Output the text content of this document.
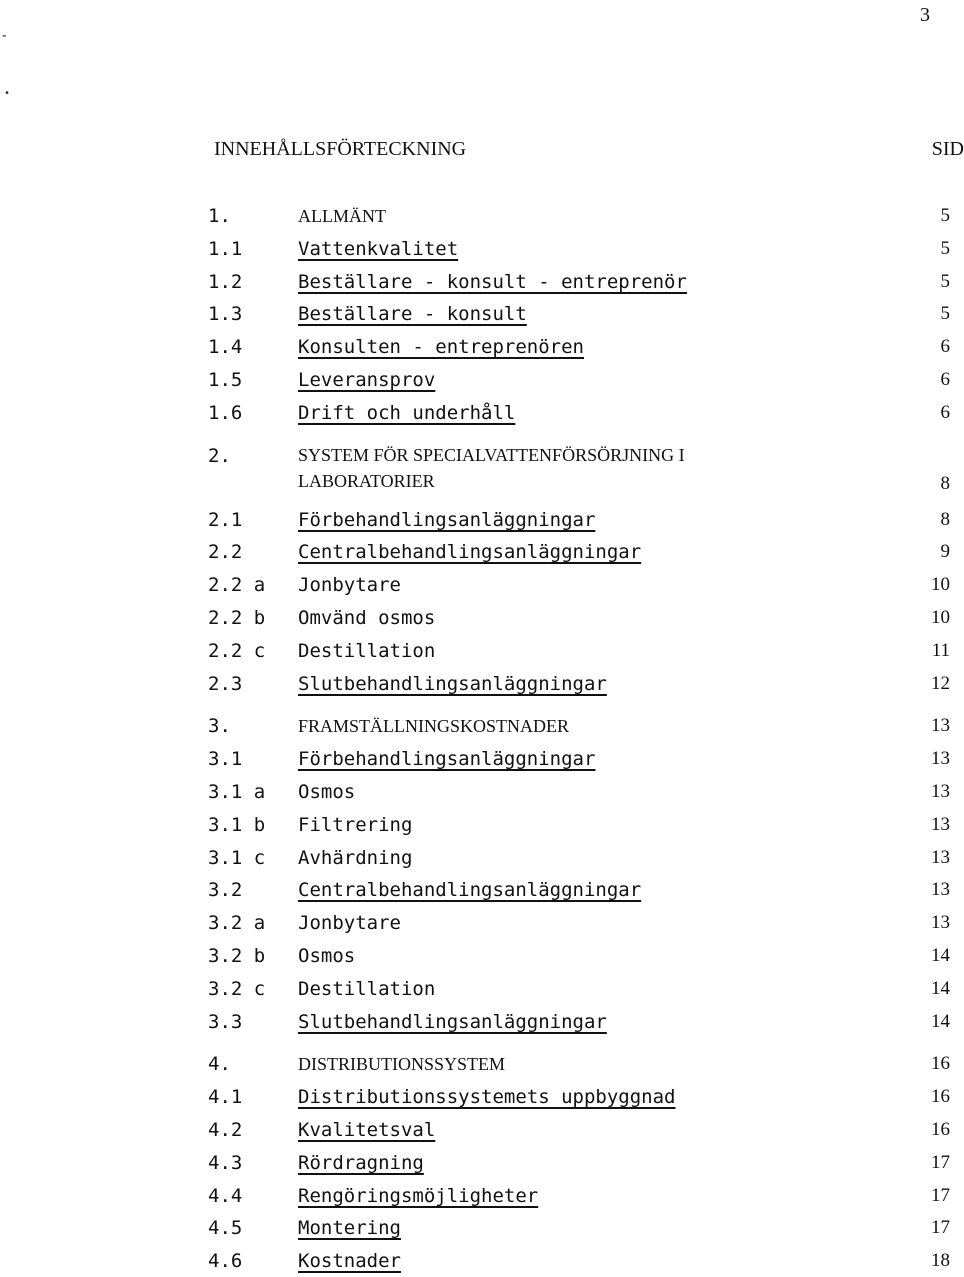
3
-
•
INNEHÅLLSFÖRTECKNING	SID
1.	ALLMÄNT	5
1.1	Vattenkvalitet	5
1.2	Beställare - konsult - entreprenör	5
1.3	Beställare - konsult	5
1.4	Konsulten - entreprenören	6
1.5	Leveransprov	6
1.6	Drift och underhåll	6
2.	SYSTEM FÖR SPECIALVATTENFÖRSÖRJNING I
LABORATORIER	8
2.1	Förbehandlingsanläggningar	8
2.2	Centralbehandlingsanläggningar	9
2.2 a	Jonbytare	10
2.2 b	Omvänd osmos	10
2.2 c	Destillation	11
2.3	Slutbehandlingsanläggningar	12
3.	FRAMSTÄLLNINGSKOSTNADER	13
3.1	Förbehandlingsanläggningar	13
3.1 a	Osmos	13
3.1 b	Filtrering	13
3.1 c	Avhärdning	13
3.2	Centralbehandlingsanläggningar	13
3.2 a	Jonbytare	13
3.2 b	Osmos	14
3.2 c	Destillation	14
3.3	Slutbehandlingsanläggningar	14
4.	DISTRIBUTIONSSYSTEM	16
4.1	Distributionssystemets uppbyggnad	16
4.2	Kvalitetsval	16
4.3	Rördragning	17
4.4	Rengöringsmöjligheter	17
4.5	Montering	17
4.6	Kostnader	18
